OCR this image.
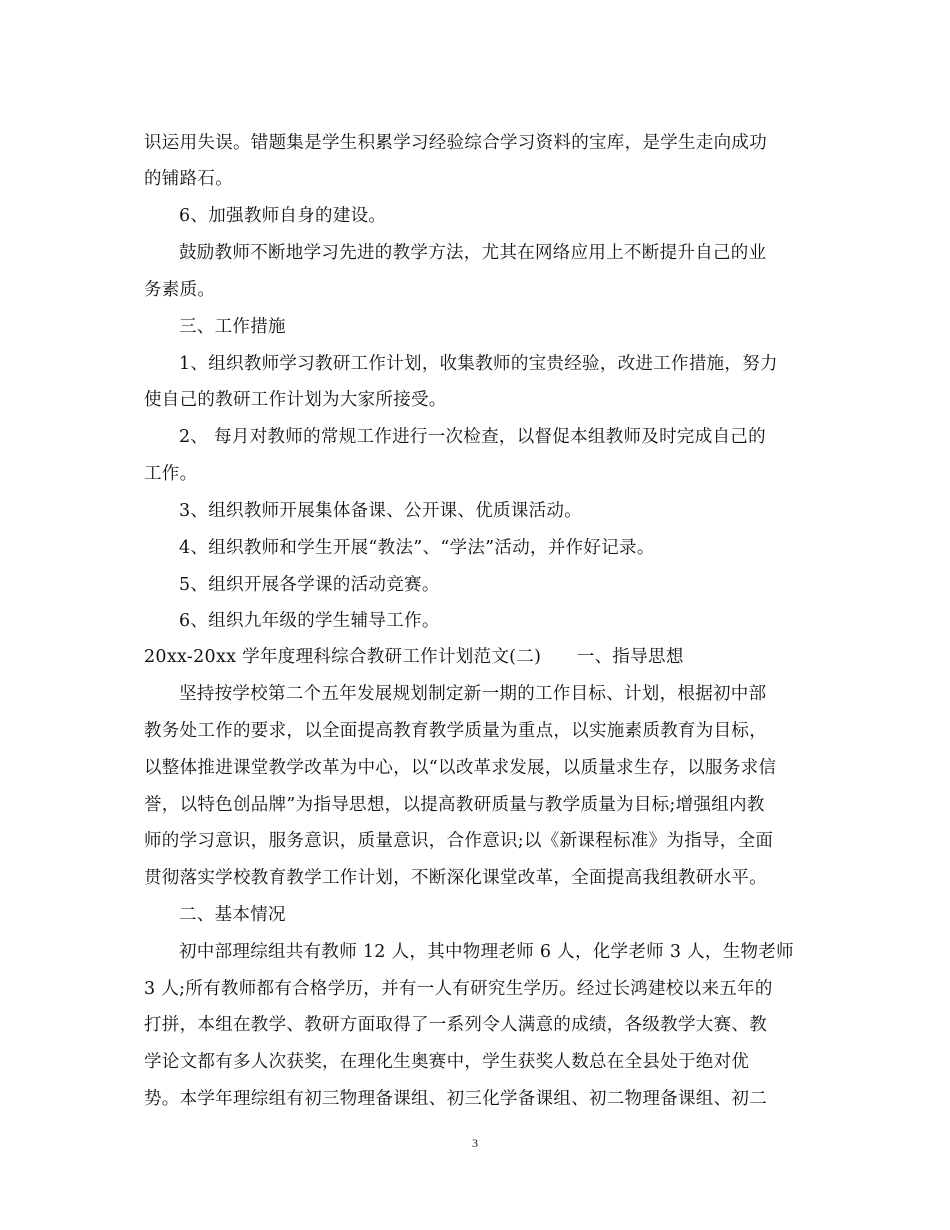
识运用失误。错题集是学生积累学习经验综合学习资料的宝库，是学生走向成功
的铺路石。
6、加强教师自身的建设。
鼓励教师不断地学习先进的教学方法，尤其在网络应用上不断提升自己的业
务素质。
三、工作措施
1、组织教师学习教研工作计划，收集教师的宝贵经验，改进工作措施，努力
使自己的教研工作计划为大家所接受。
2、 每月对教师的常规工作进行一次检查，以督促本组教师及时完成自己的
工作。
3、组织教师开展集体备课、公开课、优质课活动。
4、组织教师和学生开展“教法”、“学法”活动，并作好记录。
5、组织开展各学课的活动竞赛。
6、组织九年级的学生辅导工作。
20xx-20xx 学年度理科综合教研工作计划范文(二)　　一、指导思想
坚持按学校第二个五年发展规划制定新一期的工作目标、计划，根据初中部
教务处工作的要求，以全面提高教育教学质量为重点，以实施素质教育为目标，
以整体推进课堂教学改革为中心，以“以改革求发展，以质量求生存，以服务求信
誉，以特色创品牌”为指导思想，以提高教研质量与教学质量为目标;增强组内教
师的学习意识，服务意识，质量意识，合作意识;以《新课程标准》为指导，全面
贯彻落实学校教育教学工作计划，不断深化课堂改革，全面提高我组教研水平。
二、基本情况
初中部理综组共有教师 12 人，其中物理老师 6 人，化学老师 3 人，生物老师
3 人;所有教师都有合格学历，并有一人有研究生学历。经过长鸿建校以来五年的
打拼，本组在教学、教研方面取得了一系列令人满意的成绩，各级教学大赛、教
学论文都有多人次获奖，在理化生奥赛中，学生获奖人数总在全县处于绝对优
势。本学年理综组有初三物理备课组、初三化学备课组、初二物理备课组、初二
3
